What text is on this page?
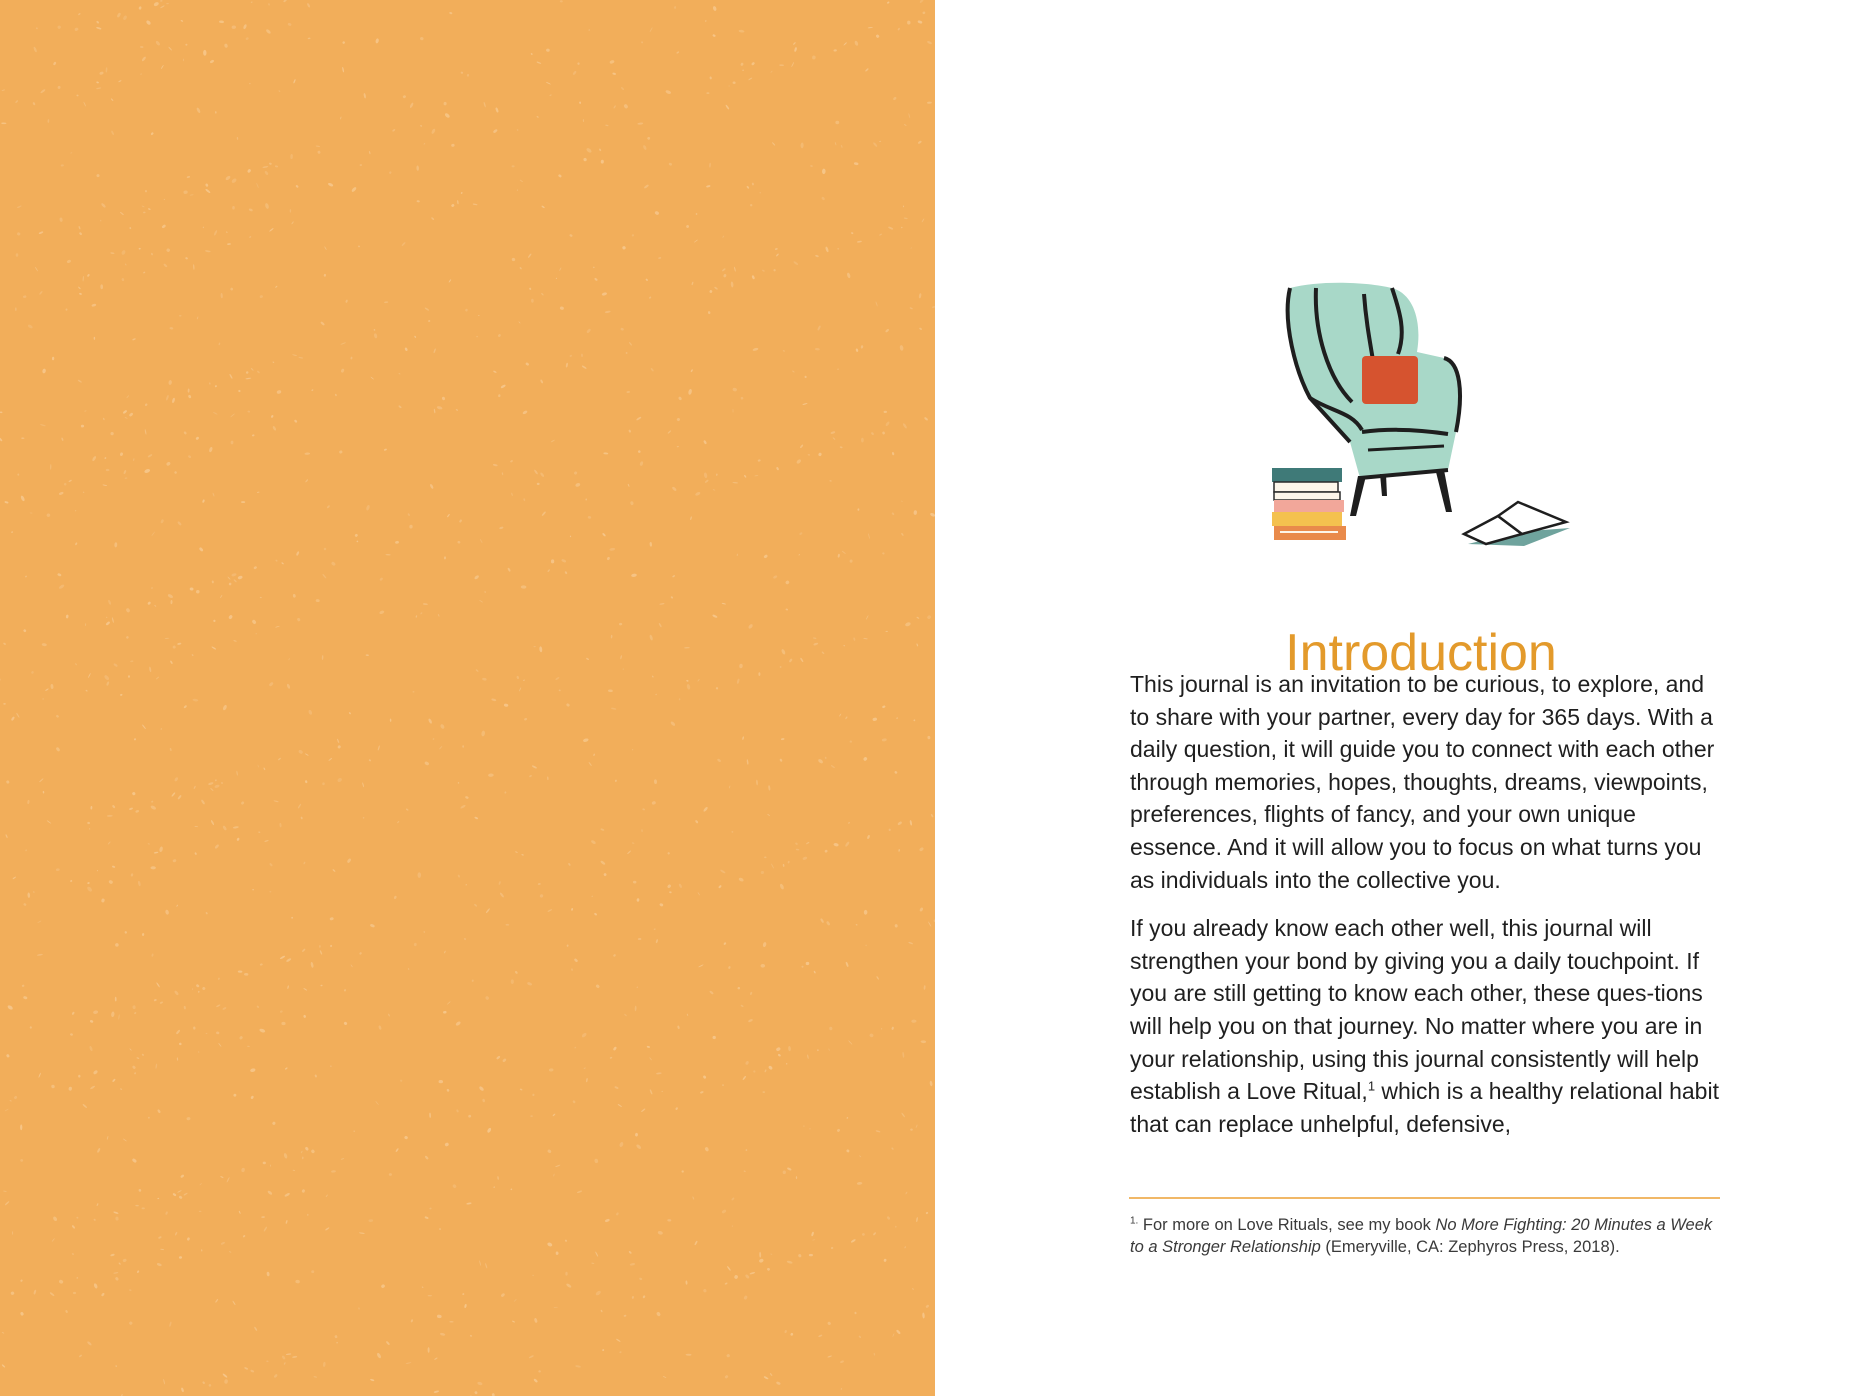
Introduction

This journal is an invitation to be curious, to explore, and to share with your partner, every day for 365 days. With a daily question, it will guide you to connect with each other through memories, hopes, thoughts, dreams, viewpoints, preferences, flights of fancy, and your own unique essence. And it will allow you to focus on what turns you as individuals into the collective you.

If you already know each other well, this journal will strengthen your bond by giving you a daily touchpoint. If you are still getting to know each other, these ques-tions will help you on that journey. No matter where you are in your relationship, using this journal consistently will help establish a Love Ritual,$^1$ which is a healthy relational habit that can replace unhelpful, defensive,

$^{1.}$ For more on Love Rituals, see my book No More Fighting: 20 Minutes a Week to a Stronger Relationship (Emeryville, CA: Zephyros Press, 2018).
